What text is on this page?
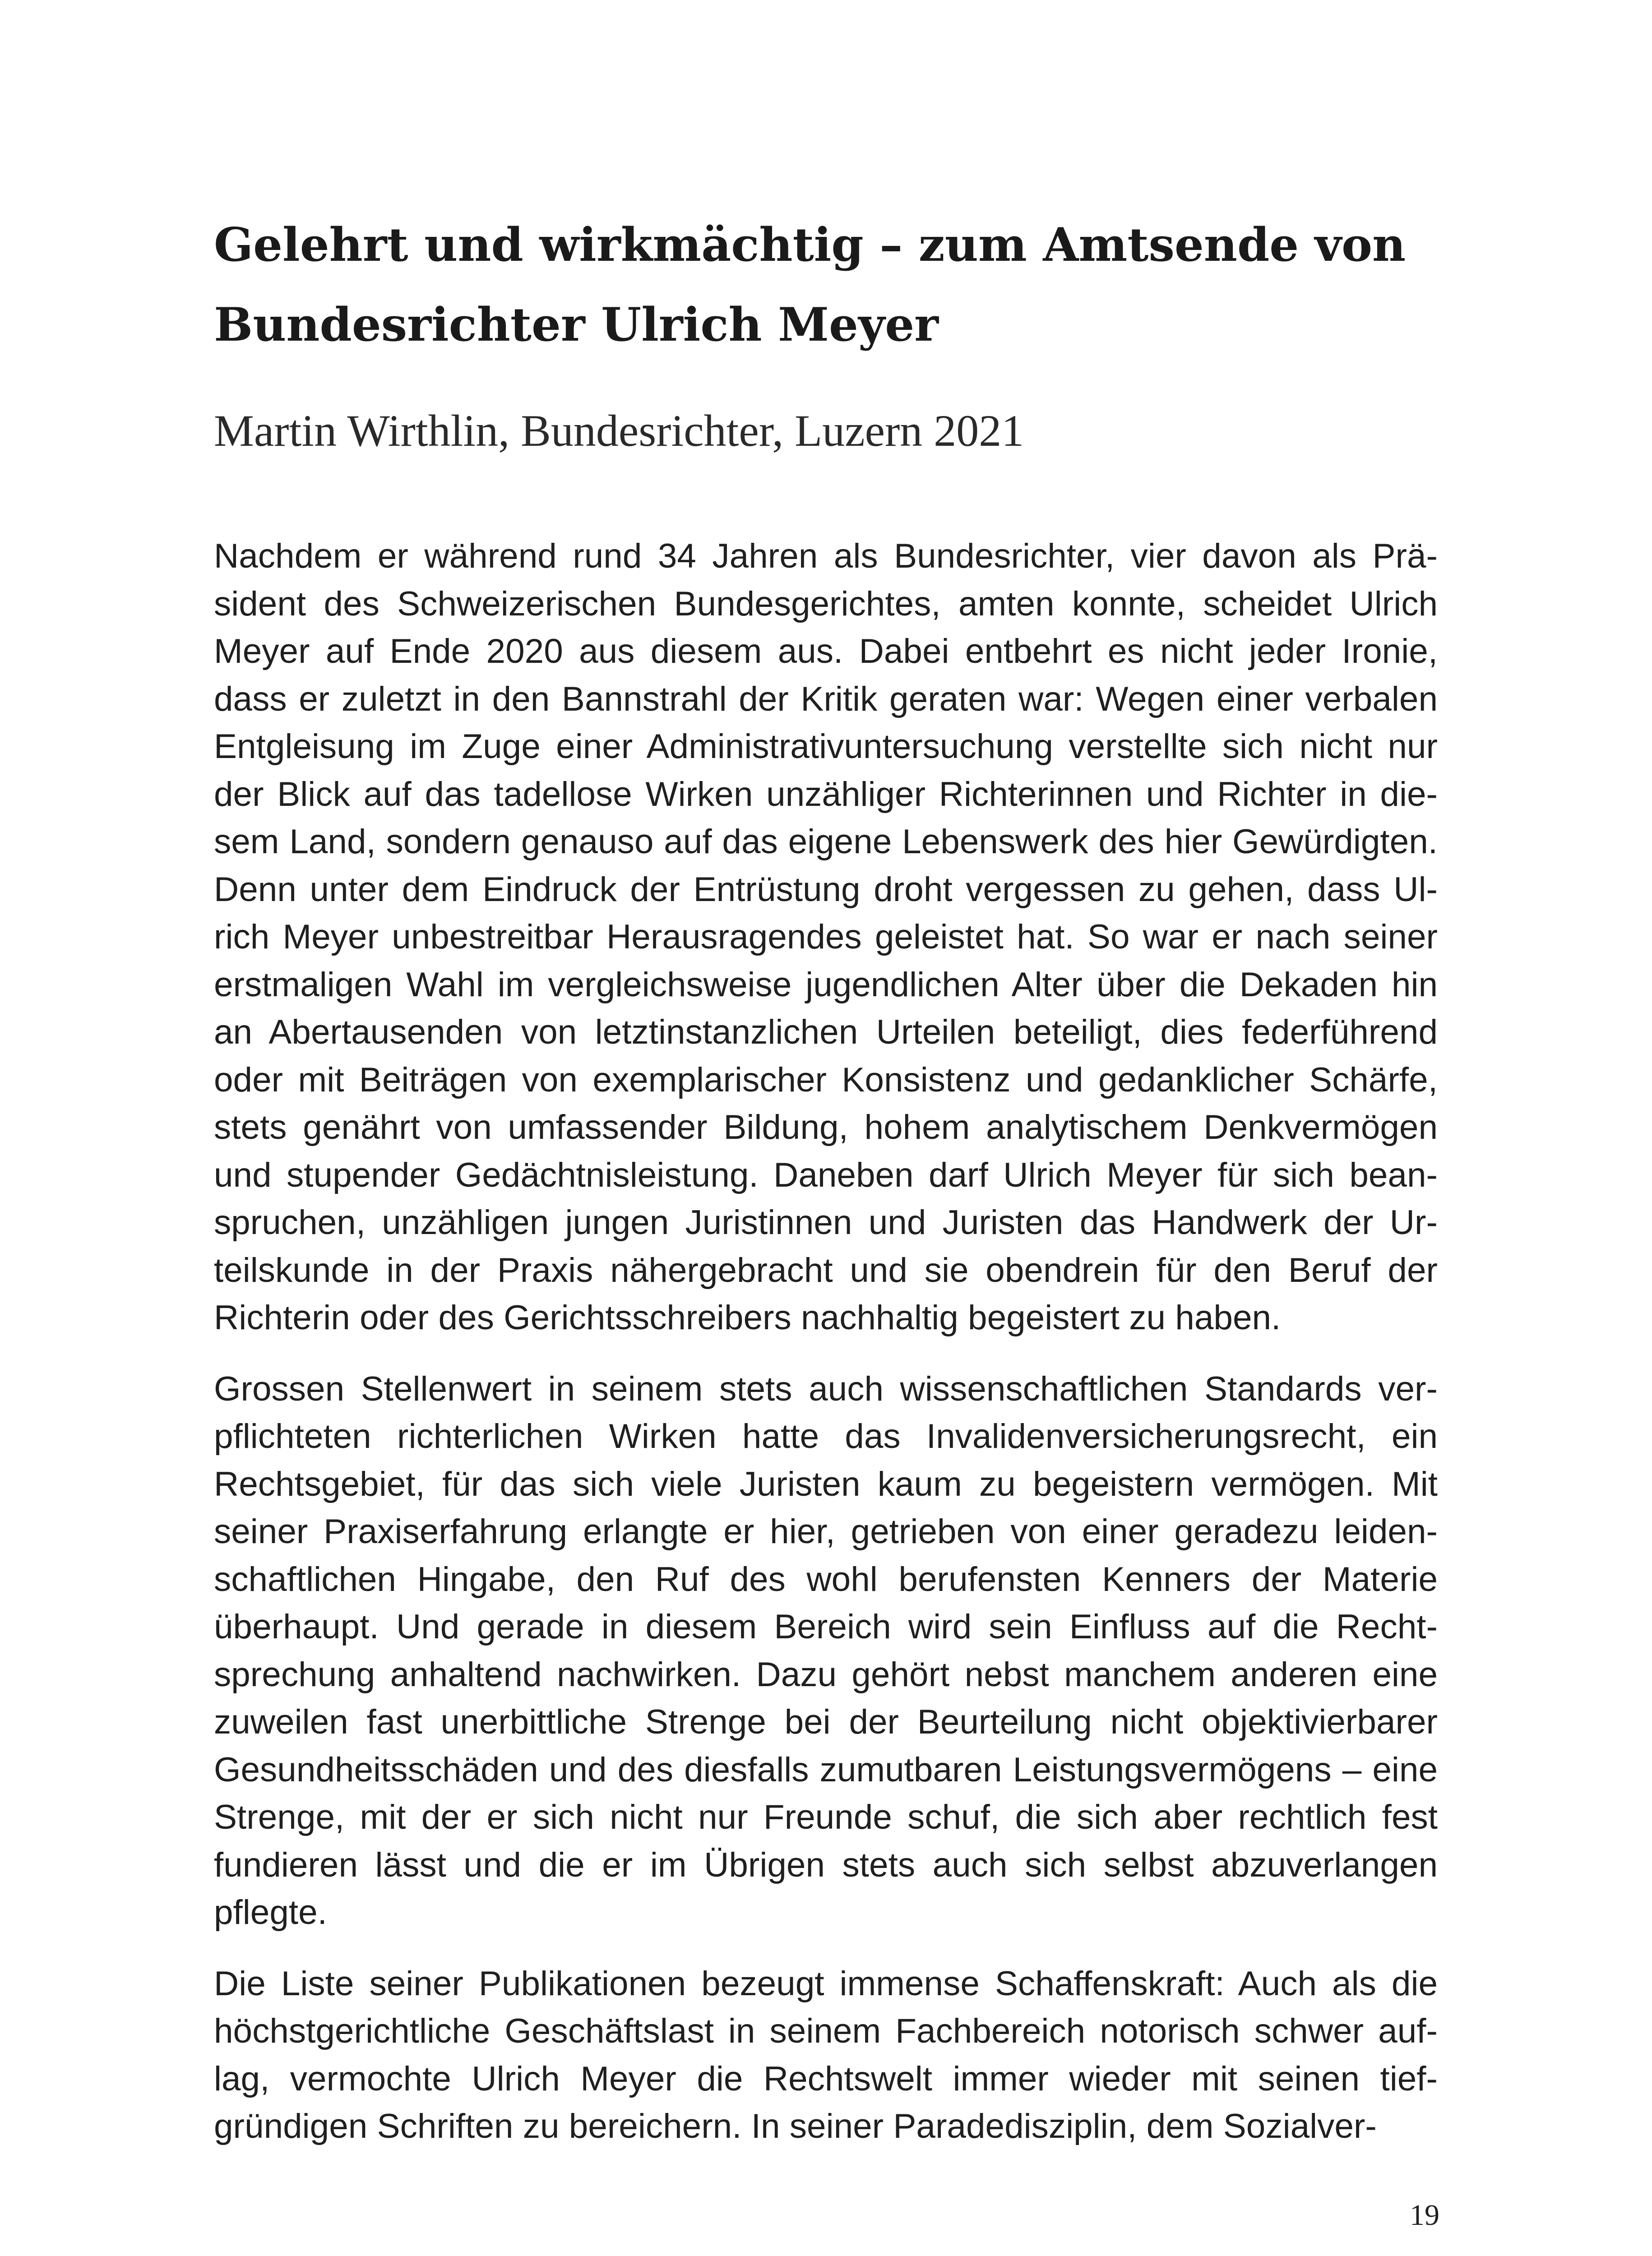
Gelehrt und wirkmächtig – zum Amtsende von
Bundesrichter Ulrich Meyer

Martin Wirthlin, Bundesrichter, Luzern 2021

Nachdem er während rund 34 Jahren als Bundesrichter, vier davon als Prä-
sident des Schweizerischen Bundesgerichtes, amten konnte, scheidet Ulrich
Meyer auf Ende 2020 aus diesem aus. Dabei entbehrt es nicht jeder Ironie,
dass er zuletzt in den Bannstrahl der Kritik geraten war: Wegen einer verbalen
Entgleisung im Zuge einer Administrativuntersuchung verstellte sich nicht nur
der Blick auf das tadellose Wirken unzähliger Richterinnen und Richter in die-
sem Land, sondern genauso auf das eigene Lebenswerk des hier Gewürdigten.
Denn unter dem Eindruck der Entrüstung droht vergessen zu gehen, dass Ul-
rich Meyer unbestreitbar Herausragendes geleistet hat. So war er nach seiner
erstmaligen Wahl im vergleichsweise jugendlichen Alter über die Dekaden hin
an Abertausenden von letztinstanzlichen Urteilen beteiligt, dies federführend
oder mit Beiträgen von exemplarischer Konsistenz und gedanklicher Schärfe,
stets genährt von umfassender Bildung, hohem analytischem Denkvermögen
und stupender Gedächtnisleistung. Daneben darf Ulrich Meyer für sich bean-
spruchen, unzähligen jungen Juristinnen und Juristen das Handwerk der Ur-
teilskunde in der Praxis nähergebracht und sie obendrein für den Beruf der
Richterin oder des Gerichtsschreibers nachhaltig begeistert zu haben.

Grossen Stellenwert in seinem stets auch wissenschaftlichen Standards ver-
pflichteten richterlichen Wirken hatte das Invalidenversicherungsrecht, ein
Rechtsgebiet, für das sich viele Juristen kaum zu begeistern vermögen. Mit
seiner Praxiserfahrung erlangte er hier, getrieben von einer geradezu leiden-
schaftlichen Hingabe, den Ruf des wohl berufensten Kenners der Materie
überhaupt. Und gerade in diesem Bereich wird sein Einfluss auf die Recht-
sprechung anhaltend nachwirken. Dazu gehört nebst manchem anderen eine
zuweilen fast unerbittliche Strenge bei der Beurteilung nicht objektivierbarer
Gesundheitsschäden und des diesfalls zumutbaren Leistungsvermögens – eine
Strenge, mit der er sich nicht nur Freunde schuf, die sich aber rechtlich fest
fundieren lässt und die er im Übrigen stets auch sich selbst abzuverlangen
pflegte.

Die Liste seiner Publikationen bezeugt immense Schaffenskraft: Auch als die
höchstgerichtliche Geschäftslast in seinem Fachbereich notorisch schwer auf-
lag, vermochte Ulrich Meyer die Rechtswelt immer wieder mit seinen tief-
gründigen Schriften zu bereichern. In seiner Paradedisziplin, dem Sozialver-

19
